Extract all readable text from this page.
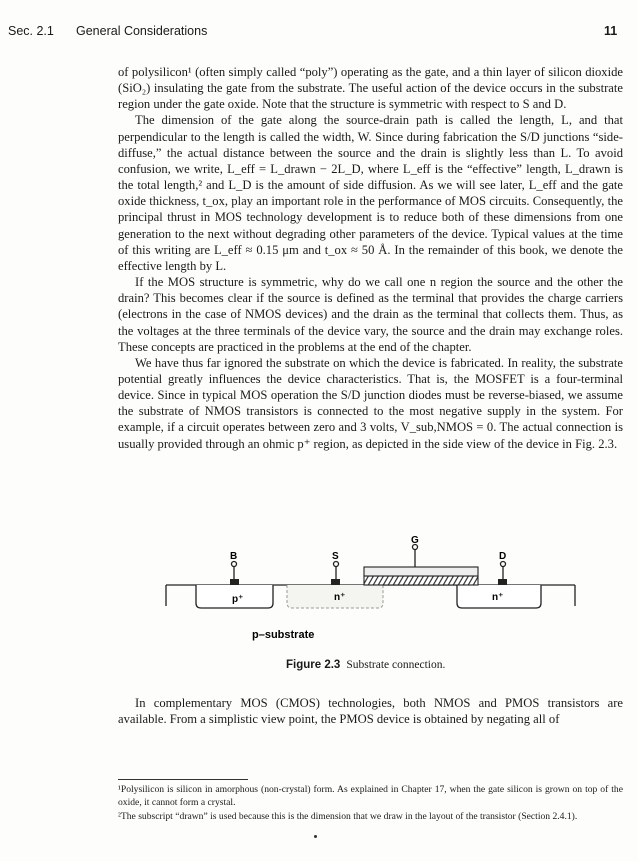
Sec. 2.1 General Considerations	11

of polysilicon¹ (often simply called “poly”) operating as the gate, and a thin layer of silicon dioxide (SiO₂) insulating the gate from the substrate. The useful action of the device occurs in the substrate region under the gate oxide. Note that the structure is symmetric with respect to S and D.

The dimension of the gate along the source-drain path is called the length, L, and that perpendicular to the length is called the width, W. Since during fabrication the S/D junctions “side-diffuse,” the actual distance between the source and the drain is slightly less than L. To avoid confusion, we write, L_eff = L_drawn − 2L_D, where L_eff is the “effective” length, L_drawn is the total length,² and L_D is the amount of side diffusion. As we will see later, L_eff and the gate oxide thickness, t_ox, play an important role in the performance of MOS circuits. Consequently, the principal thrust in MOS technology development is to reduce both of these dimensions from one generation to the next without degrading other parameters of the device. Typical values at the time of this writing are L_eff ≈ 0.15 μm and t_ox ≈ 50 Å. In the remainder of this book, we denote the effective length by L.

If the MOS structure is symmetric, why do we call one n region the source and the other the drain? This becomes clear if the source is defined as the terminal that provides the charge carriers (electrons in the case of NMOS devices) and the drain as the terminal that collects them. Thus, as the voltages at the three terminals of the device vary, the source and the drain may exchange roles. These concepts are practiced in the problems at the end of the chapter.

We have thus far ignored the substrate on which the device is fabricated. In reality, the substrate potential greatly influences the device characteristics. That is, the MOSFET is a four-terminal device. Since in typical MOS operation the S/D junction diodes must be reverse-biased, we assume the substrate of NMOS transistors is connected to the most negative supply in the system. For example, if a circuit operates between zero and 3 volts, V_sub,NMOS = 0. The actual connection is usually provided through an ohmic p⁺ region, as depicted in the side view of the device in Fig. 2.3.

B	S
G
D
p⁺	n⁺	n⁺
p–substrate
Figure 2.3 Substrate connection.

In complementary MOS (CMOS) technologies, both NMOS and PMOS transistors are available. From a simplistic view point, the PMOS device is obtained by negating all of

¹Polysilicon is silicon in amorphous (non-crystal) form. As explained in Chapter 17, when the gate silicon is grown on top of the oxide, it cannot form a crystal.
²The subscript “drawn” is used because this is the dimension that we draw in the layout of the transistor (Section 2.4.1).
